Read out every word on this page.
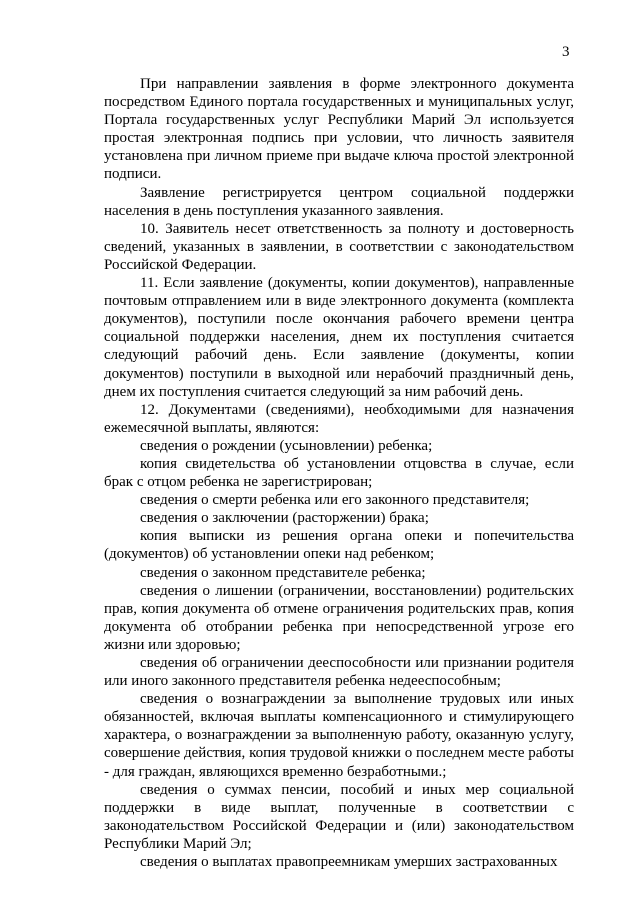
3

При направлении заявления в форме электронного документа посредством Единого портала государственных и муниципальных услуг, Портала государственных услуг Республики Марий Эл используется простая электронная подпись при условии, что личность заявителя установлена при личном приеме при выдаче ключа простой электронной подписи.

Заявление регистрируется центром социальной поддержки населения в день поступления указанного заявления.

10. Заявитель несет ответственность за полноту и достоверность сведений, указанных в заявлении, в соответствии с законодательством Российской Федерации.

11. Если заявление (документы, копии документов), направленные почтовым отправлением или в виде электронного документа (комплекта документов), поступили после окончания рабочего времени центра социальной поддержки населения, днем их поступления считается следующий рабочий день. Если заявление (документы, копии документов) поступили в выходной или нерабочий праздничный день, днем их поступления считается следующий за ним рабочий день.

12. Документами (сведениями), необходимыми для назначения ежемесячной выплаты, являются:

сведения о рождении (усыновлении) ребенка;

копия свидетельства об установлении отцовства в случае, если брак с отцом ребенка не зарегистрирован;

сведения о смерти ребенка или его законного представителя;

сведения о заключении (расторжении) брака;

копия выписки из решения органа опеки и попечительства (документов) об установлении опеки над ребенком;

сведения о законном представителе ребенка;

сведения о лишении (ограничении, восстановлении) родительских прав, копия документа об отмене ограничения родительских прав, копия документа об отобрании ребенка при непосредственной угрозе его жизни или здоровью;

сведения об ограничении дееспособности или признании родителя или иного законного представителя ребенка недееспособным;

сведения о вознаграждении за выполнение трудовых или иных обязанностей, включая выплаты компенсационного и стимулирующего характера, о вознаграждении за выполненную работу, оказанную услугу, совершение действия, копия трудовой книжки о последнем месте работы - для граждан, являющихся временно безработными.;

сведения о суммах пенсии, пособий и иных мер социальной поддержки в виде выплат, полученные в соответствии с законодательством Российской Федерации и (или) законодательством Республики Марий Эл;

сведения о выплатах правопреемникам умерших застрахованных
